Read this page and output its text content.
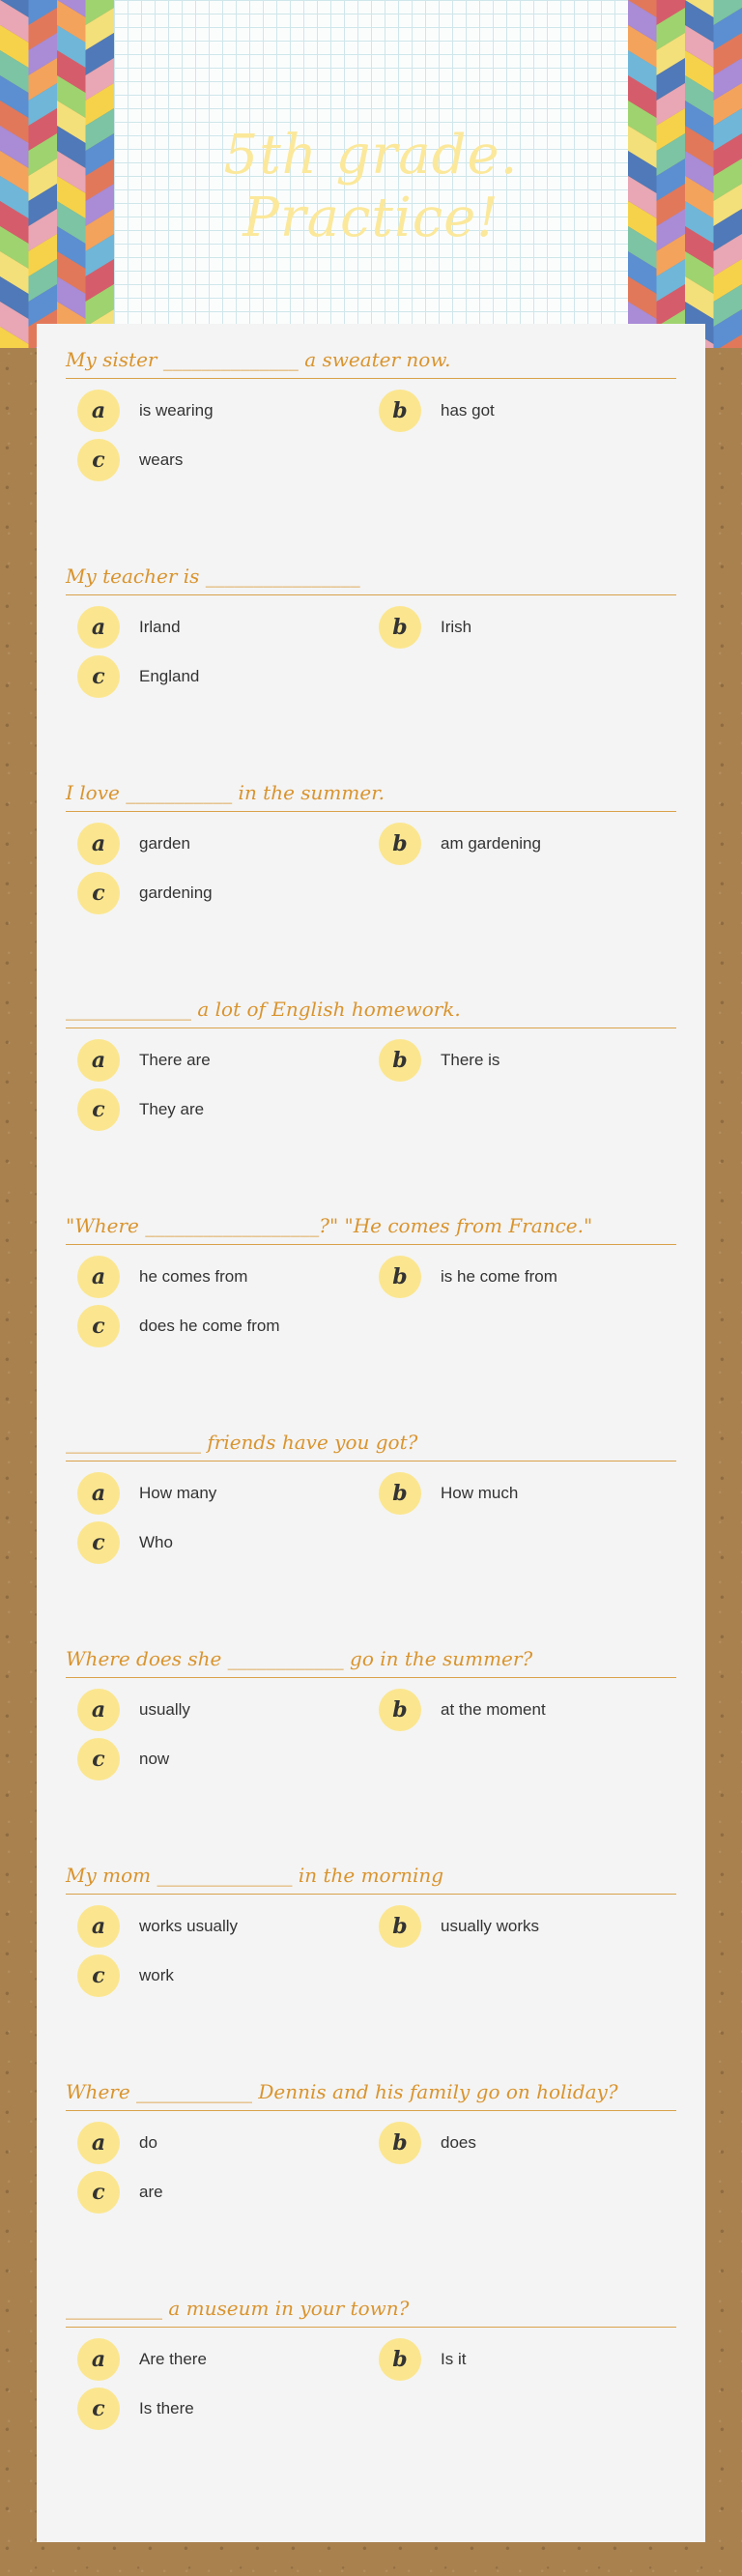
5th grade. Practice!

My sister ______________ a sweater now.

a	is wearing	b	has got
c	wears

My teacher is ________________

a	Irland	b	Irish
c	England

I love ___________ in the summer.

a	garden	b	am gardening
c	gardening

_____________ a lot of English homework.

a	There are	b	There is
c	They are

"Where __________________?" "He comes from France."

a	he comes from	b	is he come from
c	does he come from

______________ friends have you got?

a	How many	b	How much
c	Who

Where does she ____________ go in the summer?

a	usually	b	at the moment
c	now

My mom ______________ in the morning

a	works usually	b	usually works
c	work

Where ____________ Dennis and his family go on holiday?

a	do	b	does
c	are

__________ a museum in your town?

a	Are there	b	Is it
c	Is there
